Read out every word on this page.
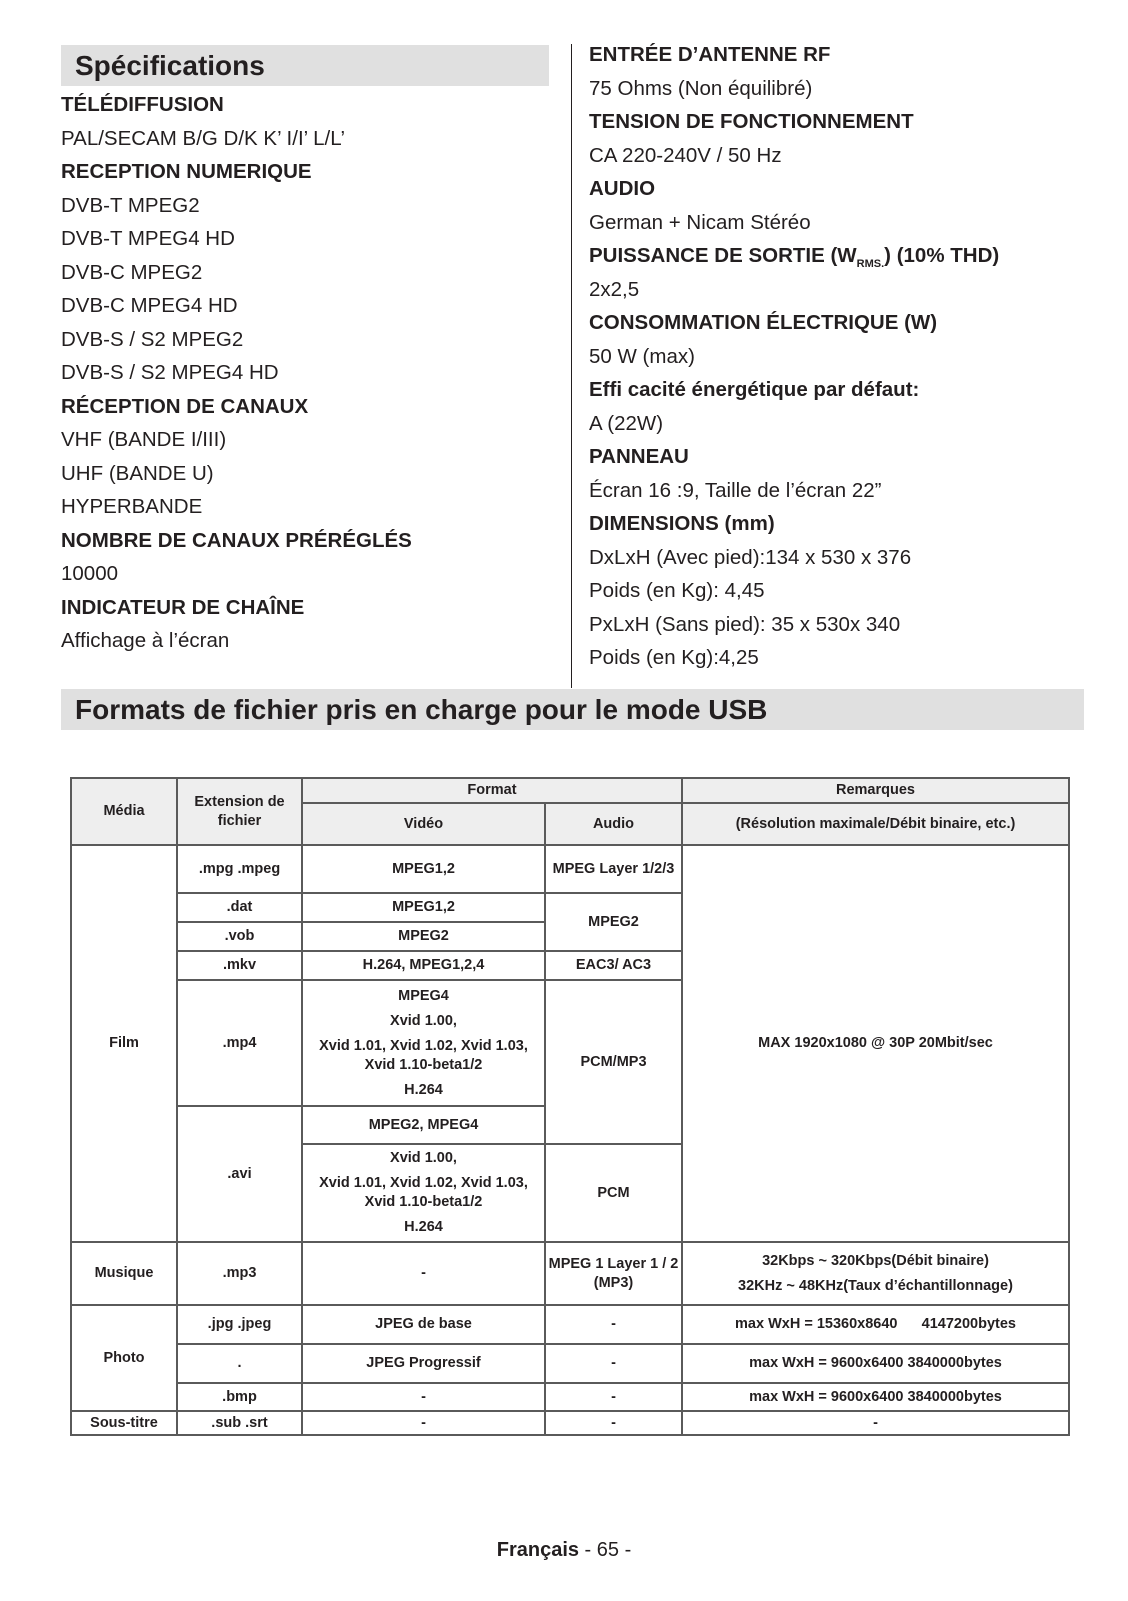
Spécifications
TÉLÉDIFFUSION
PAL/SECAM B/G D/K K’ I/I’ L/L’
RECEPTION NUMERIQUE
DVB-T MPEG2
DVB-T MPEG4 HD
DVB-C MPEG2
DVB-C MPEG4 HD
DVB-S / S2 MPEG2
DVB-S / S2 MPEG4 HD
RÉCEPTION DE CANAUX
VHF (BANDE I/III)
UHF (BANDE U)
HYPERBANDE
NOMBRE DE CANAUX PRÉRÉGLÉS
10000
INDICATEUR DE CHAÎNE
Affichage à l’écran
ENTRÉE D’ANTENNE RF
75 Ohms (Non équilibré)
TENSION DE FONCTIONNEMENT
CA 220-240V / 50 Hz
AUDIO
German + Nicam Stéréo
PUISSANCE DE SORTIE $(W_{RMS.})$ (10% THD)
2x2,5
CONSOMMATION ÉLECTRIQUE (W)
50 W (max)
Effi cacité énergétique par défaut:
A (22W)
PANNEAU
Écran 16 :9, Taille de l’écran 22”
DIMENSIONS (mm)
DxLxH (Avec pied):134 x 530 x 376
Poids (en Kg): 4,45
PxLxH (Sans pied): 35 x 530x 340
Poids (en Kg):4,25
Formats de fichier pris en charge pour le mode USB
Média	Extension de fichier	Format		Remarques
		Vidéo	Audio	(Résolution maximale/Débit binaire, etc.)
Film	.mpg .mpeg	MPEG1,2	MPEG Layer 1/2/3	MAX 1920x1080 @ 30P 20Mbit/sec
	.dat	MPEG1,2	MPEG2	
	.vob	MPEG2		
	.mkv	H.264, MPEG1,2,4	EAC3/ AC3	
	.mp4	MPEG4
Xvid 1.00,
Xvid 1.01, Xvid 1.02, Xvid 1.03, Xvid 1.10-beta1/2
H.264	PCM/MP3	
	.avi	MPEG2, MPEG4		

		Xvid 1.00,
Xvid 1.01, Xvid 1.02, Xvid 1.03, Xvid 1.10-beta1/2
H.264	PCM	

Musique	.mp3	-	MPEG 1 Layer 1 / 2 (MP3)	32Kbps ~ 320Kbps(Débit binaire)
32KHz ~ 48KHz(Taux d’échantillonnage)

Photo	.jpg .jpeg	JPEG de base	-	max WxH = 15360x8640      4147200bytes
	.	JPEG Progressif	-	max WxH = 9600x6400 3840000bytes
	.bmp	-	-	max WxH = 9600x6400 3840000bytes
Sous-titre	.sub .srt	-	-	-
Français - 65 -
